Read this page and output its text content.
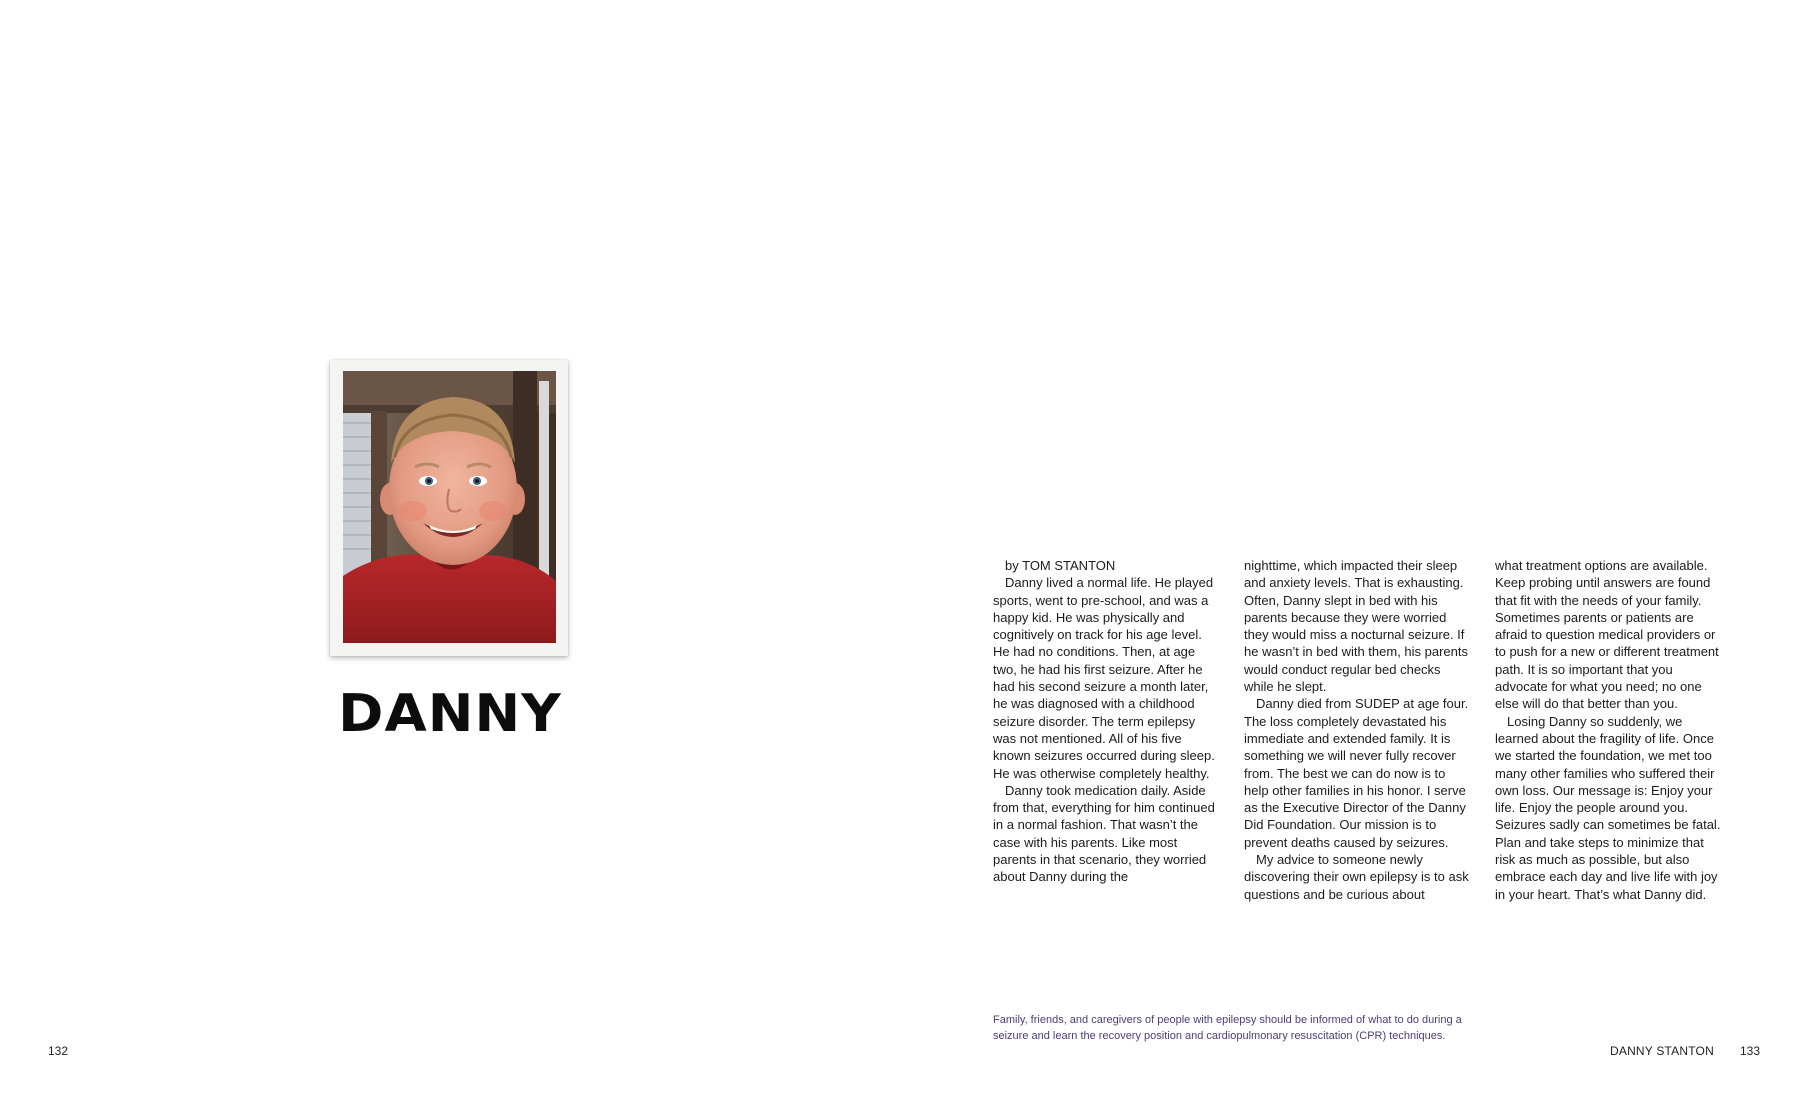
DANNY
132

by TOM STANTON

Danny lived a normal life. He played sports, went to pre-school, and was a happy kid. He was physically and cognitively on track for his age level. He had no conditions. Then, at age two, he had his first seizure. After he had his second seizure a month later, he was diagnosed with a childhood seizure disorder. The term epilepsy was not mentioned. All of his five known seizures occurred during sleep. He was otherwise completely healthy.

Danny took medication daily. Aside from that, everything for him continued in a normal fashion. That wasn’t the case with his parents. Like most parents in that scenario, they worried about Danny during the

nighttime, which impacted their sleep and anxiety levels. That is exhausting. Often, Danny slept in bed with his parents because they were worried they would miss a nocturnal seizure. If he wasn’t in bed with them, his parents would conduct regular bed checks while he slept.

Danny died from SUDEP at age four. The loss completely devastated his immediate and extended family. It is something we will never fully recover from. The best we can do now is to help other families in his honor. I serve as the Executive Director of the Danny Did Foundation. Our mission is to prevent deaths caused by seizures.

My advice to someone newly discovering their own epilepsy is to ask questions and be curious about

what treatment options are available. Keep probing until answers are found that fit with the needs of your family. Sometimes parents or patients are afraid to question medical providers or to push for a new or different treatment path. It is so important that you advocate for what you need; no one else will do that better than you.

Losing Danny so suddenly, we learned about the fragility of life. Once we started the foundation, we met too many other families who suffered their own loss. Our message is: Enjoy your life. Enjoy the people around you. Seizures sadly can sometimes be fatal. Plan and take steps to minimize that risk as much as possible, but also embrace each day and live life with joy in your heart. That’s what Danny did.

Family, friends, and caregivers of people with epilepsy should be informed of what to do during a seizure and learn the recovery position and cardiopulmonary resuscitation (CPR) techniques.

DANNY STANTON 133
